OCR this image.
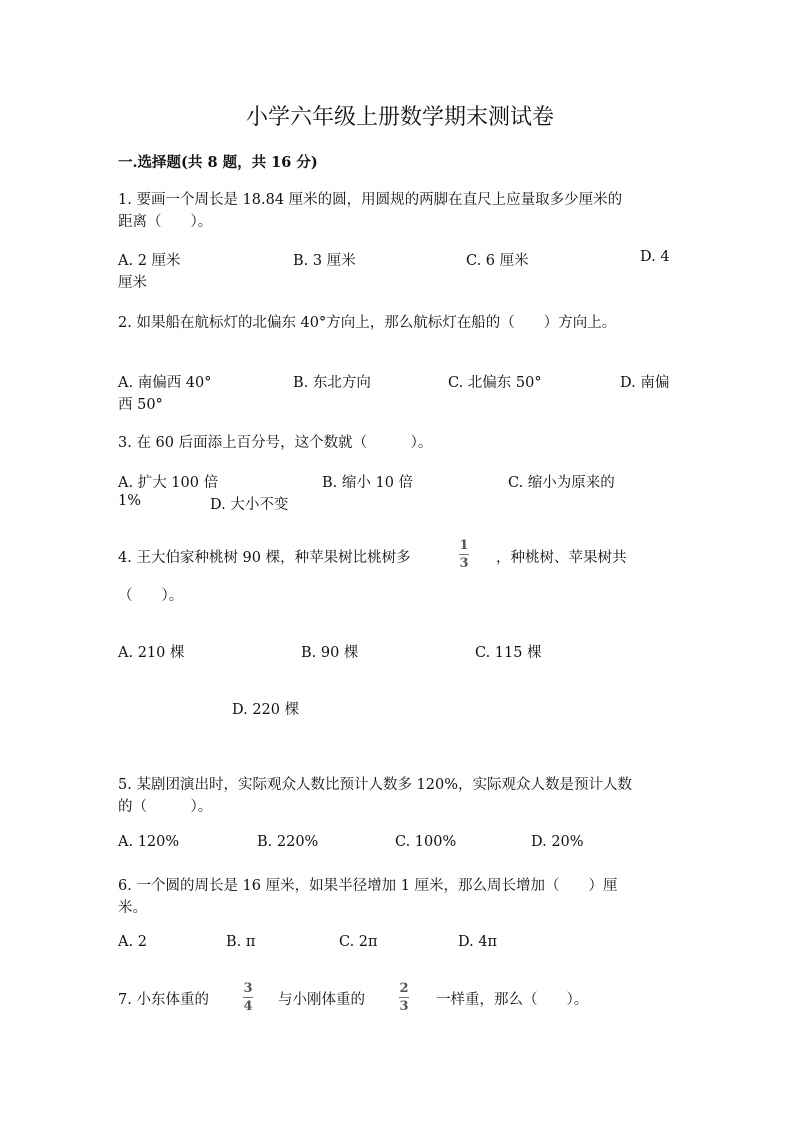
小学六年级上册数学期末测试卷
一.选择题(共 8 题，共 16 分)
1. 要画一个周长是 18.84 厘米的圆，用圆规的两脚在直尺上应量取多少厘米的
距离（　　）。
A. 2 厘米	B. 3 厘米	C. 6 厘米	D. 4
厘米
2. 如果船在航标灯的北偏东 40°方向上，那么航标灯在船的（　　）方向上。
A. 南偏西 40°	B. 东北方向	C. 北偏东 50°	D. 南偏
西 50°
3. 在 60 后面添上百分号，这个数就（　　　）。
A. 扩大 100 倍	B. 缩小 10 倍	C. 缩小为原来的
1%	D. 大小不变
4. 王大伯家种桃树 90 棵，种苹果树比桃树多
1
3 ，种桃树、苹果树共
（　　）。
A. 210 棵	B. 90 棵	C. 115 棵
D. 220 棵
5. 某剧团演出时，实际观众人数比预计人数多 120%，实际观众人数是预计人数
的（　　　）。
A. 120%	B. 220%	C. 100%	D. 20%
6. 一个圆的周长是 16 厘米，如果半径增加 1 厘米，那么周长增加（　　）厘
米。
A. 2	B. π	C. 2π	D. 4π
7. 小东体重的
3
4 与小刚体重的
2
3 一样重，那么（　　）。
